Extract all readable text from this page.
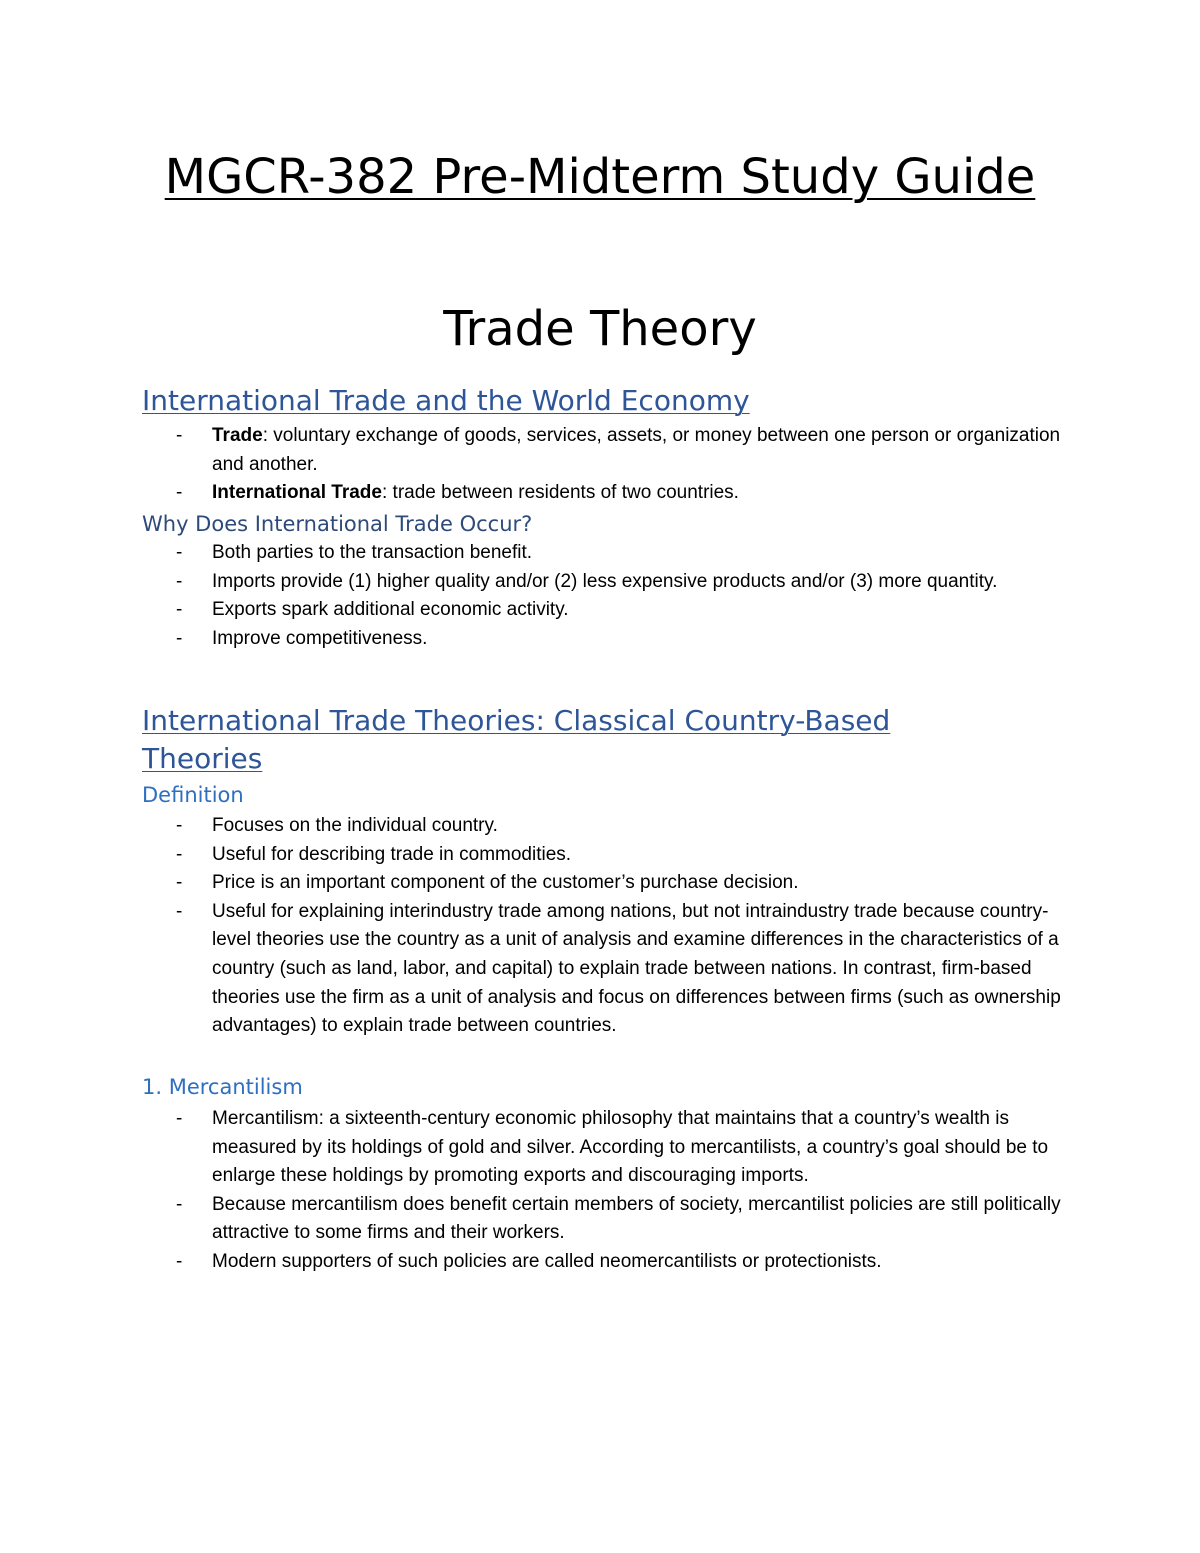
MGCR-382 Pre-Midterm Study Guide
Trade Theory
International Trade and the World Economy
- Trade: voluntary exchange of goods, services, assets, or money between one person or organization and another.
- International Trade: trade between residents of two countries.
Why Does International Trade Occur?
- Both parties to the transaction benefit.
- Imports provide (1) higher quality and/or (2) less expensive products and/or (3) more quantity.
- Exports spark additional economic activity.
- Improve competitiveness.
International Trade Theories: Classical Country-Based Theories
Definition
- Focuses on the individual country.
- Useful for describing trade in commodities.
- Price is an important component of the customer’s purchase decision.
- Useful for explaining interindustry trade among nations, but not intraindustry trade because country-level theories use the country as a unit of analysis and examine differences in the characteristics of a country (such as land, labor, and capital) to explain trade between nations. In contrast, firm-based theories use the firm as a unit of analysis and focus on differences between firms (such as ownership advantages) to explain trade between countries.
1. Mercantilism
- Mercantilism: a sixteenth-century economic philosophy that maintains that a country’s wealth is measured by its holdings of gold and silver. According to mercantilists, a country’s goal should be to enlarge these holdings by promoting exports and discouraging imports.
- Because mercantilism does benefit certain members of society, mercantilist policies are still politically attractive to some firms and their workers.
- Modern supporters of such policies are called neomercantilists or protectionists.
